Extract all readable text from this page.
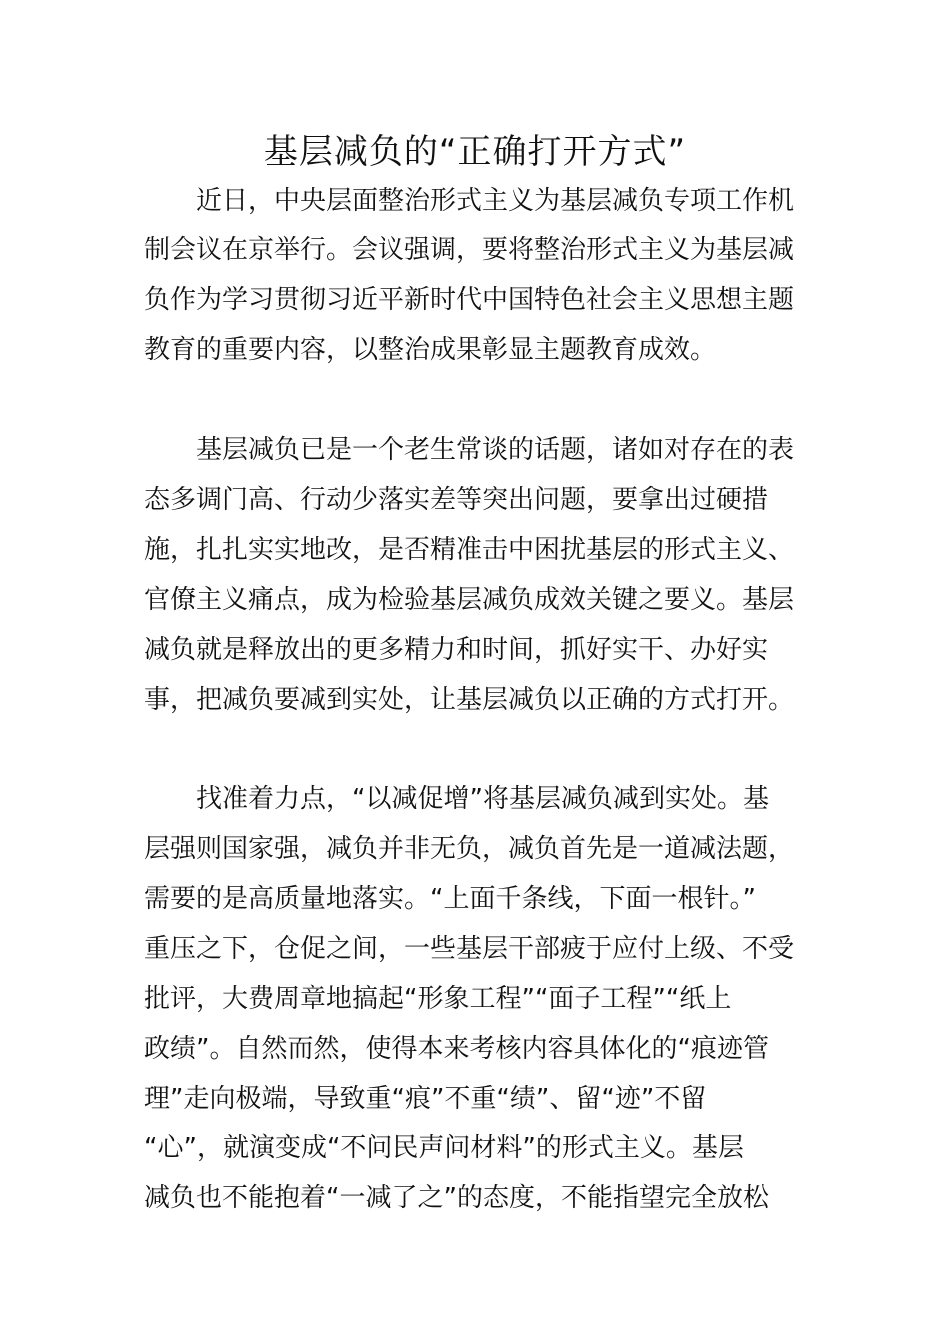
基层减负的“正确打开方式”

近日，中央层面整治形式主义为基层减负专项工作机

制会议在京举行。会议强调，要将整治形式主义为基层减

负作为学习贯彻习近平新时代中国特色社会主义思想主题

教育的重要内容，以整治成果彰显主题教育成效。

基层减负已是一个老生常谈的话题，诸如对存在的表

态多调门高、行动少落实差等突出问题，要拿出过硬措

施，扎扎实实地改，是否精准击中困扰基层的形式主义、

官僚主义痛点，成为检验基层减负成效关键之要义。基层

减负就是释放出的更多精力和时间，抓好实干、办好实

事，把减负要减到实处，让基层减负以正确的方式打开。

找准着力点，“以减促增”将基层减负减到实处。基

层强则国家强，减负并非无负，减负首先是一道减法题，

需要的是高质量地落实。“上面千条线，下面一根针。”

重压之下，仓促之间，一些基层干部疲于应付上级、不受

批评，大费周章地搞起“形象工程”“面子工程”“纸上

政绩”。自然而然，使得本来考核内容具体化的“痕迹管

理”走向极端，导致重“痕”不重“绩”、留“迹”不留

“心”，就演变成“不问民声问材料”的形式主义。基层

减负也不能抱着“一减了之”的态度，不能指望完全放松
